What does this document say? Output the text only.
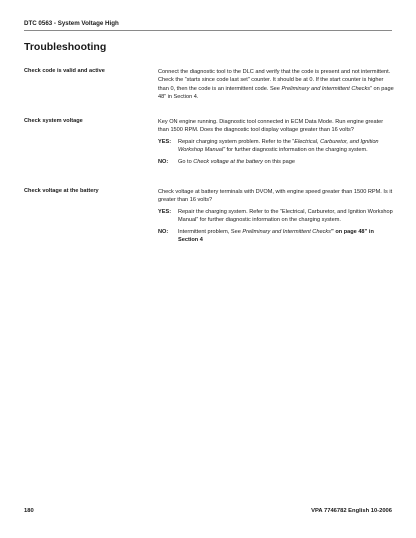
DTC 0563 - System Voltage High
Troubleshooting
Check code is valid and active	Connect the diagnostic tool to the DLC and verify that the code is present and not intermittent. Check the “starts since code last set” counter. It should be at 0. If the start counter is higher than 0, then the code is an intermittent code. See Preliminary and Intermittent Checks” on page 48” in Section 4.

Check system voltage	Key ON engine running. Diagnostic tool connected in ECM Data Mode. Run engine greater than 1500 RPM. Does the diagnostic tool display voltage greater than 16 volts?

YES:	Repair charging system problem. Refer to the “Electrical, Carburetor, and Ignition Workshop Manual” for further diagnostic information on the charging system.
NO:	Go to Check voltage at the battery on this page
Check voltage at the battery	Check voltage at battery terminals with DVOM, with engine speed greater than 1500 RPM. Is it greater than 16 volts?

YES:	Repair the charging system. Refer to the “Electrical, Carburetor, and Ignition Workshop Manual” for further diagnostic information on the charging system.
NO:	Intermittent problem, See Preliminary and Intermittent Checks” on page 48” in Section 4
180	VPA 7746782 English 10-2006
